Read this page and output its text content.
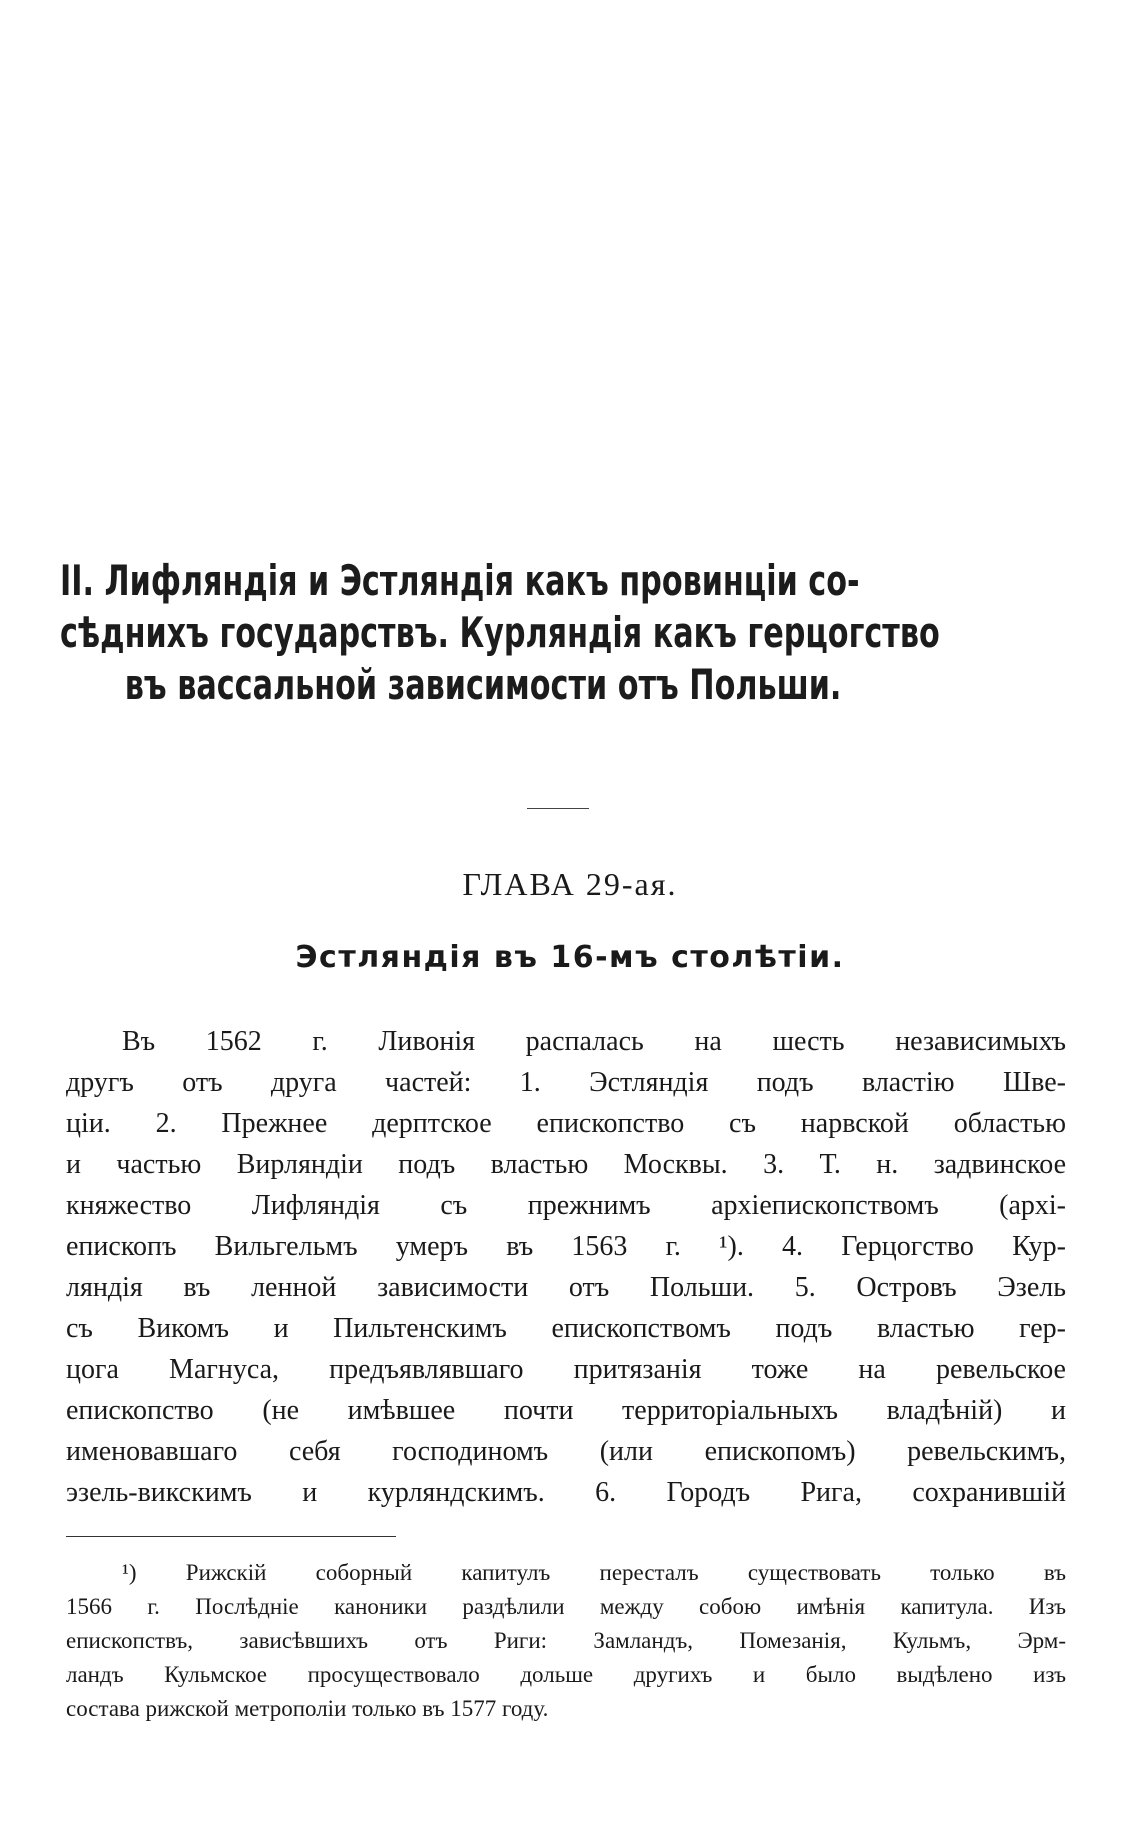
II. Лифляндія и Эстляндія какъ провинціи со-
сѣднихъ государствъ. Курляндія какъ герцогство
въ вассальной зависимости отъ Польши.
ГЛАВА 29-ая.
Эстляндія въ 16-мъ столѣтіи.
Въ 1562 г. Ливонія распалась на шесть независимыхъ
другъ отъ друга частей: 1. Эстляндія подъ властію Шве-
ціи. 2. Прежнее дерптское епископство съ нарвской областью
и частью Вирляндіи подъ властью Москвы. 3. Т. н. задвинское
княжество Лифляндія съ прежнимъ архіепископствомъ (архі-
епископъ Вильгельмъ умеръ въ 1563 г. ¹). 4. Герцогство Кур-
ляндія въ ленной зависимости отъ Польши. 5. Островъ Эзель
съ Викомъ и Пильтенскимъ епископствомъ подъ властью гер-
цога Магнуса, предъявлявшаго притязанія тоже на ревельское
епископство (не имѣвшее почти территоріальныхъ владѣній) и
именовавшаго себя господиномъ (или епископомъ) ревельскимъ,
эзель-викскимъ и курляндскимъ. 6. Городъ Рига, сохранившій
¹) Рижскій соборный капитулъ пересталъ существовать только въ
1566 г. Послѣдніе каноники раздѣлили между собою имѣнія капитула. Изъ
епископствъ, зависѣвшихъ отъ Риги: Замландъ, Помезанія, Кульмъ, Эрм-
ландъ Кульмское просуществовало дольше другихъ и было выдѣлено изъ
состава рижской метрополіи только въ 1577 году.
